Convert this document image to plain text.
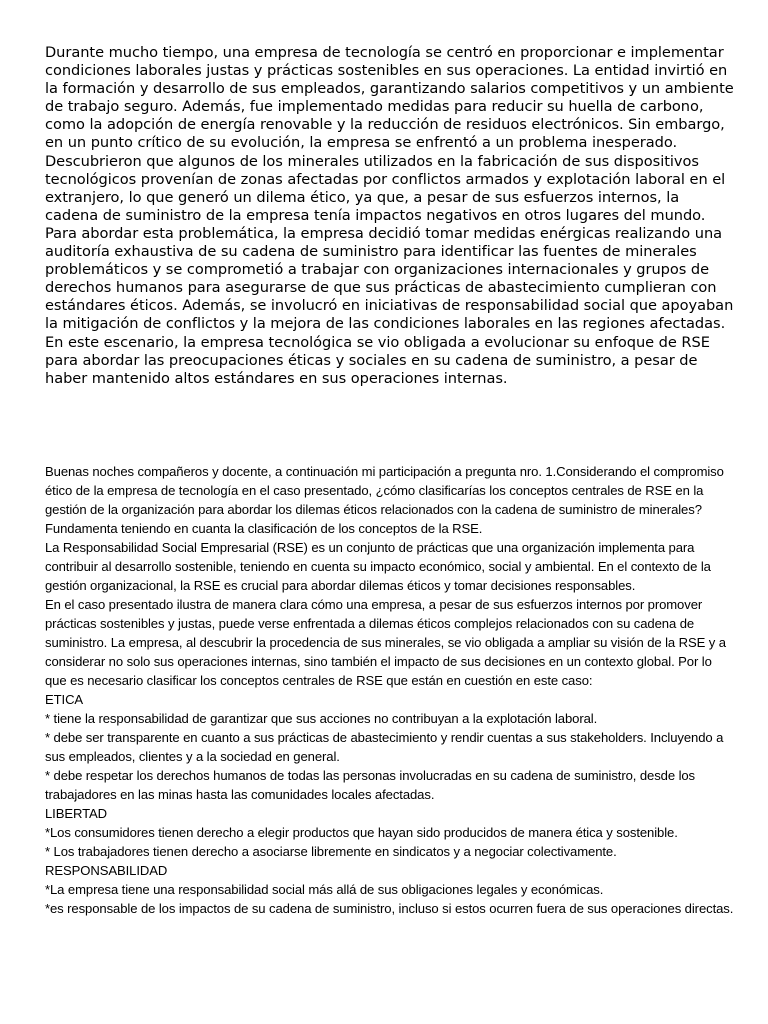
Durante mucho tiempo, una empresa de tecnología se centró en proporcionar e implementar condiciones laborales justas y prácticas sostenibles en sus operaciones. La entidad invirtió en la formación y desarrollo de sus empleados, garantizando salarios competitivos y un ambiente de trabajo seguro. Además, fue implementado medidas para reducir su huella de carbono, como la adopción de energía renovable y la reducción de residuos electrónicos. Sin embargo, en un punto crítico de su evolución, la empresa se enfrentó a un problema inesperado. Descubrieron que algunos de los minerales utilizados en la fabricación de sus dispositivos tecnológicos provenían de zonas afectadas por conflictos armados y explotación laboral en el extranjero, lo que generó un dilema ético, ya que, a pesar de sus esfuerzos internos, la cadena de suministro de la empresa tenía impactos negativos en otros lugares del mundo. Para abordar esta problemática, la empresa decidió tomar medidas enérgicas realizando una auditoría exhaustiva de su cadena de suministro para identificar las fuentes de minerales problemáticos y se comprometió a trabajar con organizaciones internacionales y grupos de derechos humanos para asegurarse de que sus prácticas de abastecimiento cumplieran con estándares éticos. Además, se involucró en iniciativas de responsabilidad social que apoyaban la mitigación de conflictos y la mejora de las condiciones laborales en las regiones afectadas.

En este escenario, la empresa tecnológica se vio obligada a evolucionar su enfoque de RSE para abordar las preocupaciones éticas y sociales en su cadena de suministro, a pesar de haber mantenido altos estándares en sus operaciones internas.

Buenas noches compañeros y docente, a continuación mi participación a pregunta nro. 1.Considerando el compromiso ético de la empresa de tecnología en el caso presentado, ¿cómo clasificarías los conceptos centrales de RSE en la gestión de la organización para abordar los dilemas éticos relacionados con la cadena de suministro de minerales? Fundamenta teniendo en cuanta la clasificación de los conceptos de la RSE.

La Responsabilidad Social Empresarial (RSE) es un conjunto de prácticas que una organización implementa para contribuir al desarrollo sostenible, teniendo en cuenta su impacto económico, social y ambiental. En el contexto de la gestión organizacional, la RSE es crucial para abordar dilemas éticos y tomar decisiones responsables.

En el caso presentado ilustra de manera clara cómo una empresa, a pesar de sus esfuerzos internos por promover prácticas sostenibles y justas, puede verse enfrentada a dilemas éticos complejos relacionados con su cadena de suministro. La empresa, al descubrir la procedencia de sus minerales, se vio obligada a ampliar su visión de la RSE y a considerar no solo sus operaciones internas, sino también el impacto de sus decisiones en un contexto global. Por lo que es necesario clasificar los conceptos centrales de RSE que están en cuestión en este caso:

ETICA

* tiene la responsabilidad de garantizar que sus acciones no contribuyan a la explotación laboral.

* debe ser transparente en cuanto a sus prácticas de abastecimiento y rendir cuentas a sus stakeholders. Incluyendo a sus empleados, clientes y a la sociedad en general.

* debe respetar los derechos humanos de todas las personas involucradas en su cadena de suministro, desde los trabajadores en las minas hasta las comunidades locales afectadas.

LIBERTAD

*Los consumidores tienen derecho a elegir productos que hayan sido producidos de manera ética y sostenible.

* Los trabajadores tienen derecho a asociarse libremente en sindicatos y a negociar colectivamente.

RESPONSABILIDAD

*La empresa tiene una responsabilidad social más allá de sus obligaciones legales y económicas.

*es responsable de los impactos de su cadena de suministro, incluso si estos ocurren fuera de sus operaciones directas.
